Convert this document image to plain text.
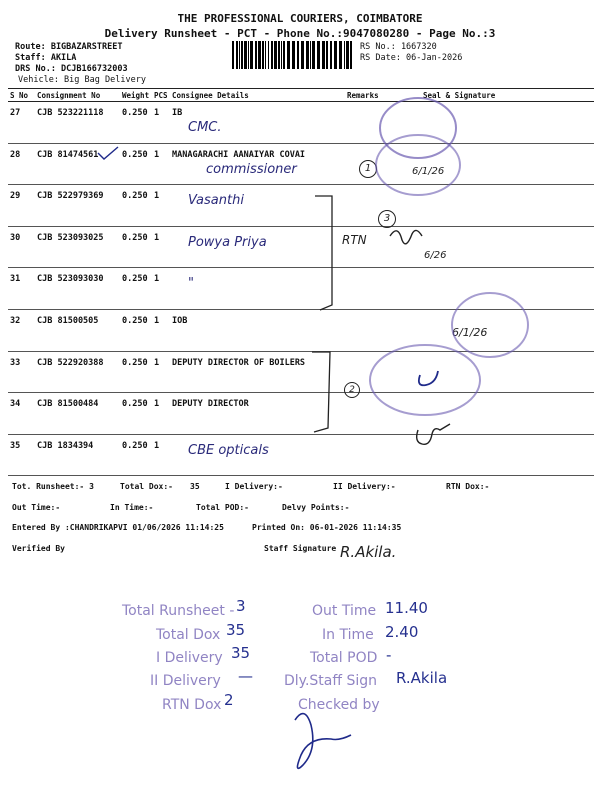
THE PROFESSIONAL COURIERS, COIMBATORE
Delivery Runsheet - PCT - Phone No.:9047080280 - Page No.:3
Route: BIGBAZARSTREET
Staff: AKILA
DRS No.: DCJB166732003
Vehicle: Big Bag Delivery
RS No.: 1667320
RS Date: 06-Jan-2026
S No	Consignment No	Weight	PCS	Consignee Details	Remarks	Seal & Signature

27	CJB 523221118	0.250	1	IB
CMC.		

28	CJB 81474561	0.250	1	MANAGARACHI AANAIYAR COVAI
commissioner		

29	CJB 522979369	0.250	1	Vasanthi		

30	CJB 523093025	0.250	1	Powya Priya		

31	CJB 523093030	0.250	1	"		

32	CJB 81500505	0.250	1	IOB		

33	CJB 522920388	0.250	1	DEPUTY DIRECTOR OF BOILERS		

34	CJB 81500484	0.250	1	DEPUTY DIRECTOR		

35	CJB 1834394	0.250	1	CBE opticals		

RTN
1
2
3
6/1/26
6/26
6/1/26
Tot. Runsheet:- 3	Total Dox:- 35	I Delivery:-	II Delivery:-	RTN Dox:-
Out Time:-	In Time:-	Total POD:-	Delvy Points:-
Entered By :CHANDRIKAPVI 01/06/2026 11:14:25	Printed On: 06-01-2026 11:14:35
Verified By	Staff Signature R.Akila.
Total Runsheet - 3
Total Dox 35
I Delivery 35
II Delivery —
RTN Dox 2
Out Time 11.40
In Time 2.40
Total POD -
Dly.Staff Sign R.Akila
Checked by
